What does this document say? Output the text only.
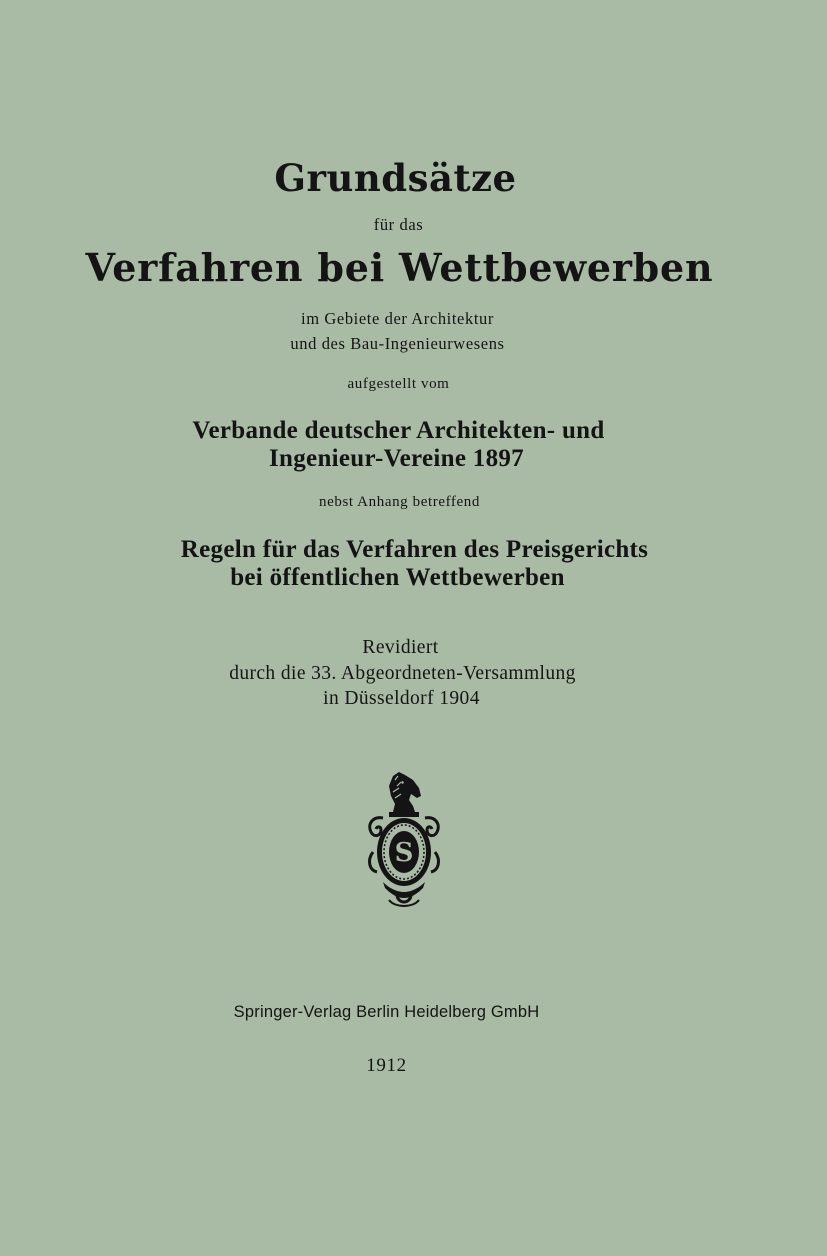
Grundsätze
für das
Verfahren bei Wettbewerben
im Gebiete der Architektur
und des Bau-Ingenieurwesens
aufgestellt vom
Verbande deutscher Architekten- und
Ingenieur-Vereine 1897
nebst Anhang betreffend
Regeln für das Verfahren des Preisgerichts
bei öffentlichen Wettbewerben
Revidiert
durch die 33. Abgeordneten-Versammlung
in Düsseldorf 1904
S
Springer-Verlag Berlin Heidelberg GmbH
1912
